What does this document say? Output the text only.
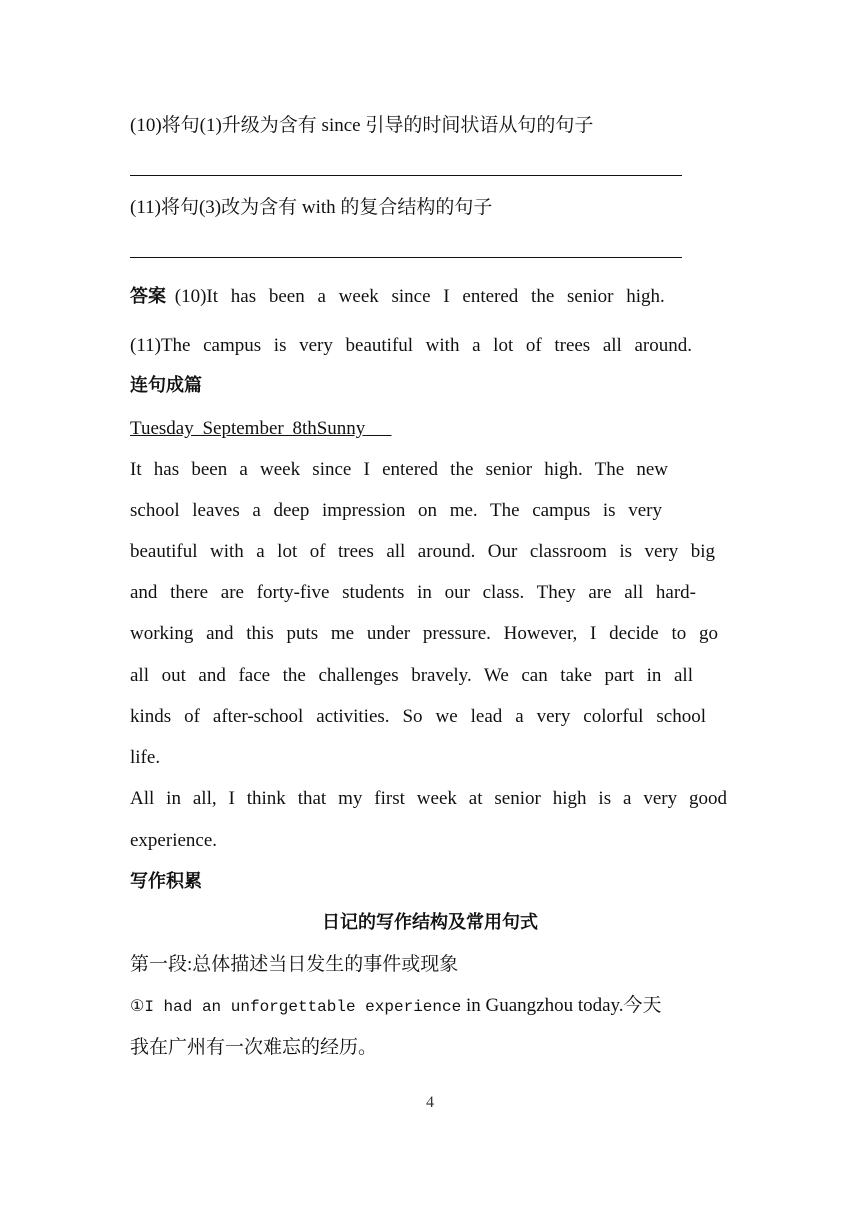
(10)将句(1)升级为含有 since 引导的时间状语从句的句子
(11)将句(3)改为含有 with 的复合结构的句子
答案 (10)It has been a week since I entered the senior high.
(11)The campus is very beautiful with a lot of trees all around.
连句成篇
Tuesday September 8thSunny
It has been a week since I entered the senior high. The new
school leaves a deep impression on me. The campus is very
beautiful with a lot of trees all around. Our classroom is very big
and there are forty-five students in our class. They are all hard-
working and this puts me under pressure. However, I decide to go
all out and face the challenges bravely. We can take part in all
kinds of after-school activities. So we lead a very colorful school
life.
All in all, I think that my first week at senior high is a very good
experience.
写作积累
日记的写作结构及常用句式
第一段:总体描述当日发生的事件或现象
①I had an unforgettable experience in Guangzhou today.今天
我在广州有一次难忘的经历。
4
